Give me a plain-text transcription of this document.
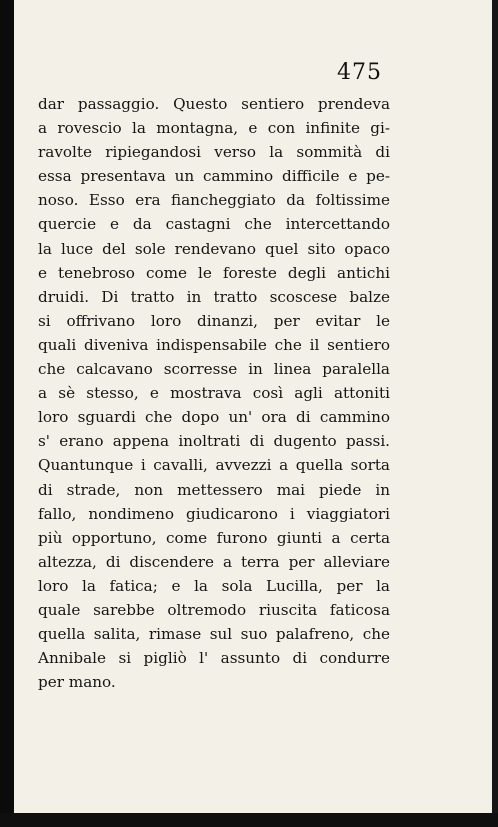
475
dar passaggio. Questo sentiero prendeva
a rovescio la montagna, e con infinite gi-
ravolte ripiegandosi verso la sommità di
essa presentava un cammino difficile e pe-
noso. Esso era fiancheggiato da foltissime
quercie e da castagni che intercettando
la luce del sole rendevano quel sito opaco
e tenebroso come le foreste degli antichi
druidi. Di tratto in tratto scoscese balze
si offrivano loro dinanzi, per evitar le
quali diveniva indispensabile che il sentiero
che calcavano scorresse in linea paralella
a sè stesso, e mostrava così agli attoniti
loro sguardi che dopo un' ora di cammino
s' erano appena inoltrati di dugento passi.
Quantunque i cavalli, avvezzi a quella sorta
di strade, non mettessero mai piede in
fallo, nondimeno giudicarono i viaggiatori
più opportuno, come furono giunti a certa
altezza, di discendere a terra per alleviare
loro la fatica; e la sola Lucilla, per la
quale sarebbe oltremodo riuscita faticosa
quella salita, rimase sul suo palafreno, che
Annibale si pigliò l' assunto di condurre
per mano.
